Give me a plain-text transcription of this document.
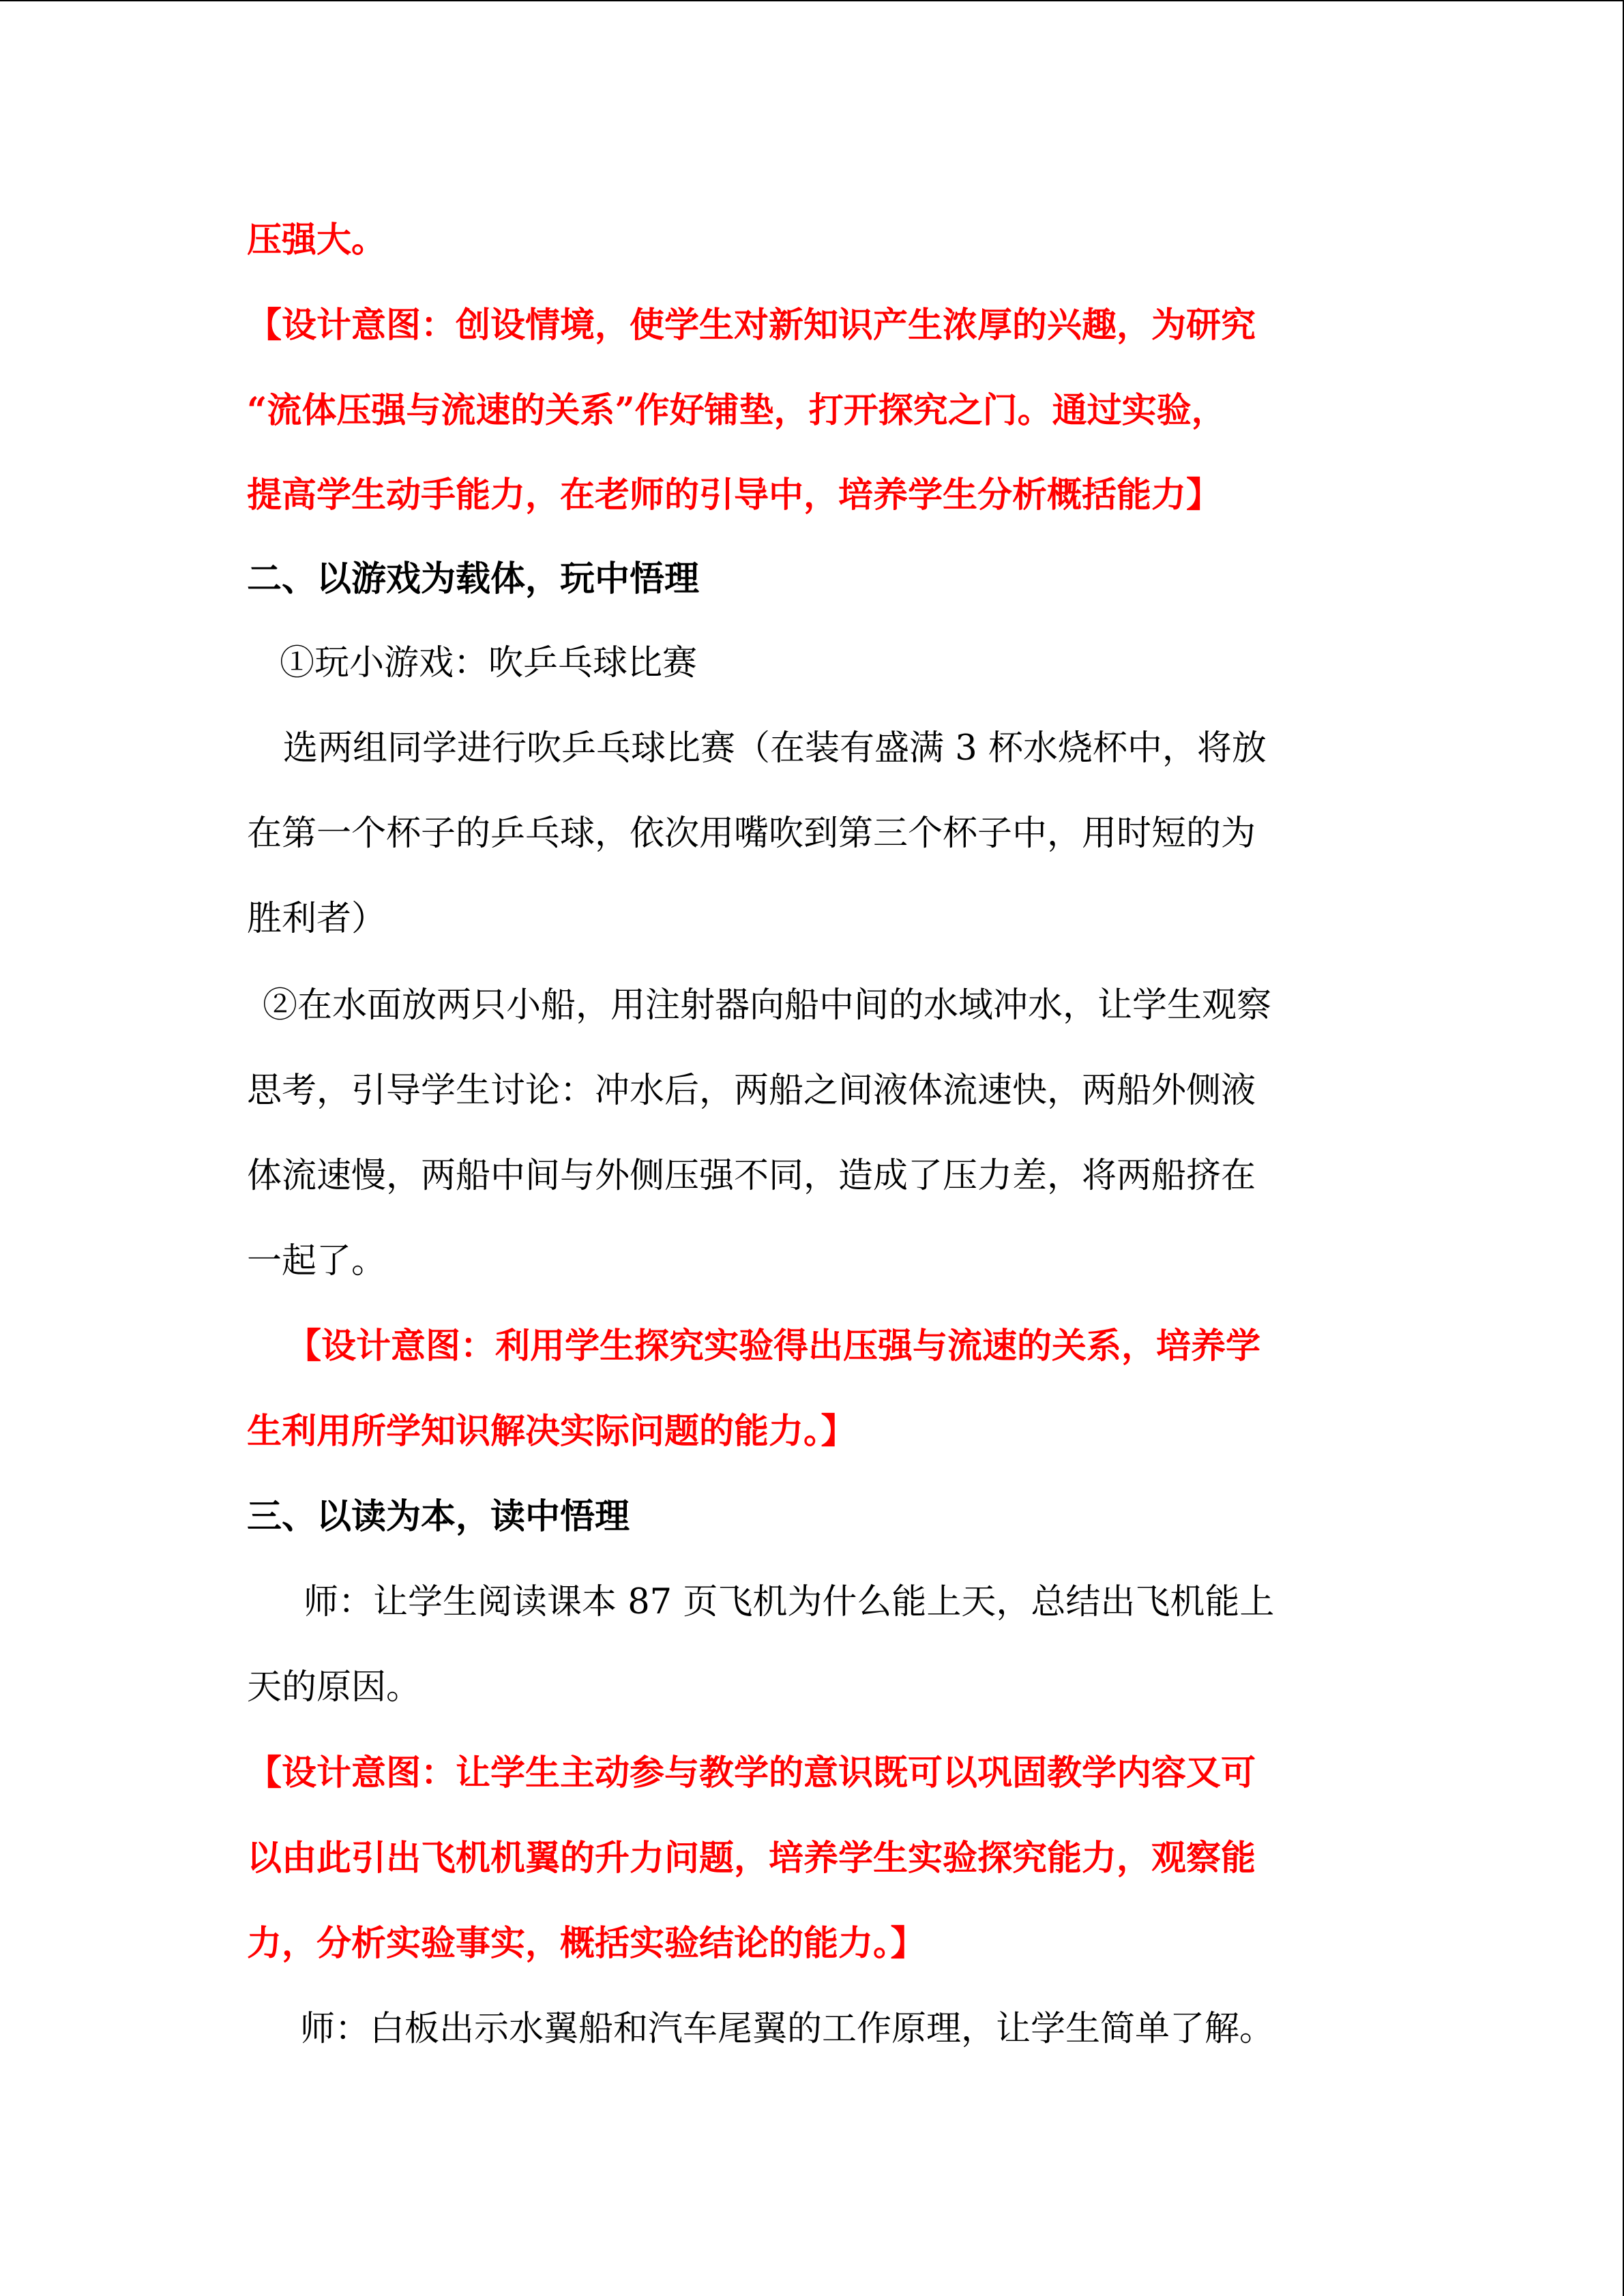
压强大。
【设计意图：创设情境，使学生对新知识产生浓厚的兴趣，为研究
“流体压强与流速的关系”作好铺垫，打开探究之门。通过实验，
提高学生动手能力，在老师的引导中，培养学生分析概括能力】
二、以游戏为载体，玩中悟理
①玩小游戏：吹乒乓球比赛
选两组同学进行吹乒乓球比赛（在装有盛满 3 杯水烧杯中，将放
在第一个杯子的乒乓球，依次用嘴吹到第三个杯子中，用时短的为
胜利者）
②在水面放两只小船，用注射器向船中间的水域冲水，让学生观察
思考，引导学生讨论：冲水后，两船之间液体流速快，两船外侧液
体流速慢，两船中间与外侧压强不同，造成了压力差，将两船挤在
一起了。
【设计意图：利用学生探究实验得出压强与流速的关系，培养学
生利用所学知识解决实际问题的能力。】
三、以读为本，读中悟理
师：让学生阅读课本 87 页飞机为什么能上天，总结出飞机能上
天的原因。
【设计意图：让学生主动参与教学的意识既可以巩固教学内容又可
以由此引出飞机机翼的升力问题，培养学生实验探究能力，观察能
力，分析实验事实，概括实验结论的能力。】
师：白板出示水翼船和汽车尾翼的工作原理，让学生简单了解。
